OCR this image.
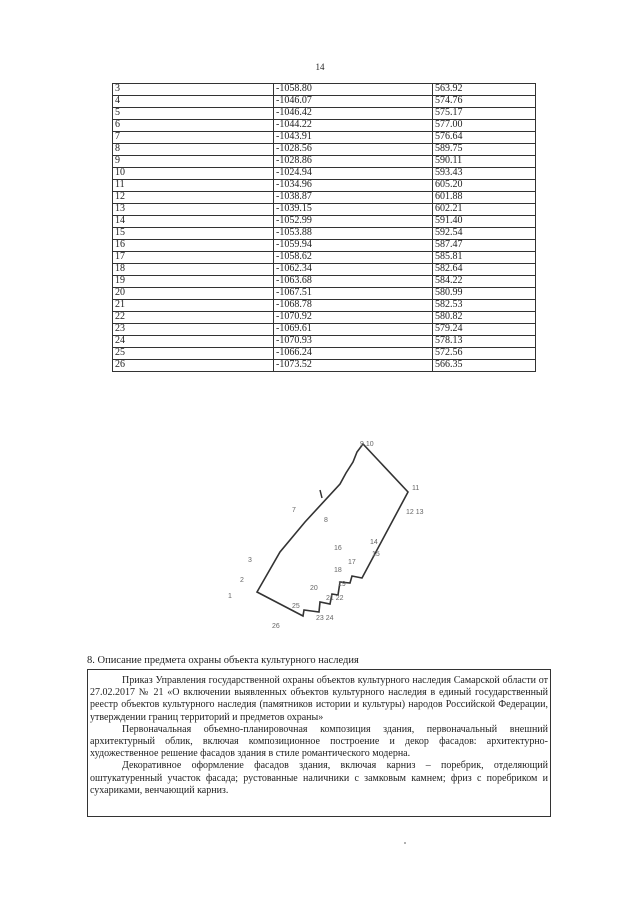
14
3	-1058.80	563.92
4	-1046.07	574.76
5	-1046.42	575.17
6	-1044.22	577.00
7	-1043.91	576.64
8	-1028.56	589.75
9	-1028.86	590.11
10	-1024.94	593.43
11	-1034.96	605.20
12	-1038.87	601.88
13	-1039.15	602.21
14	-1052.99	591.40
15	-1053.88	592.54
16	-1059.94	587.47
17	-1058.62	585.81
18	-1062.34	582.64
19	-1063.68	584.22
20	-1067.51	580.99
21	-1068.78	582.53
22	-1070.92	580.82
23	-1069.61	579.24
24	-1070.93	578.13
25	-1066.24	572.56
26	-1073.52	566.35
1
2
3
7
8
9 10
11
12 13
14
15
16
17
18
19
20
21 22
23 24
25
26
8. Описание предмета охраны объекта культурного наследия

Приказ Управления государственной охраны объектов культурного наследия Самарской области от 27.02.2017 № 21 «О включении выявленных объектов культурного наследия в единый государственный реестр объектов культурного наследия (памятников истории и культуры) народов Российской Федерации, утверждении границ территорий и предметов охраны»

Первоначальная объемно-планировочная композиция здания, первоначальный внешний архитектурный облик, включая композиционное построение и декор фасадов: архитектурно-художественное решение фасадов здания в стиле романтического модерна.

Декоративное оформление фасадов здания, включая карниз – поребрик, отделяющий оштукатуренный участок фасада; рустованные наличники с замковым камнем; фриз с поребриком и сухариками, венчающий карниз.
